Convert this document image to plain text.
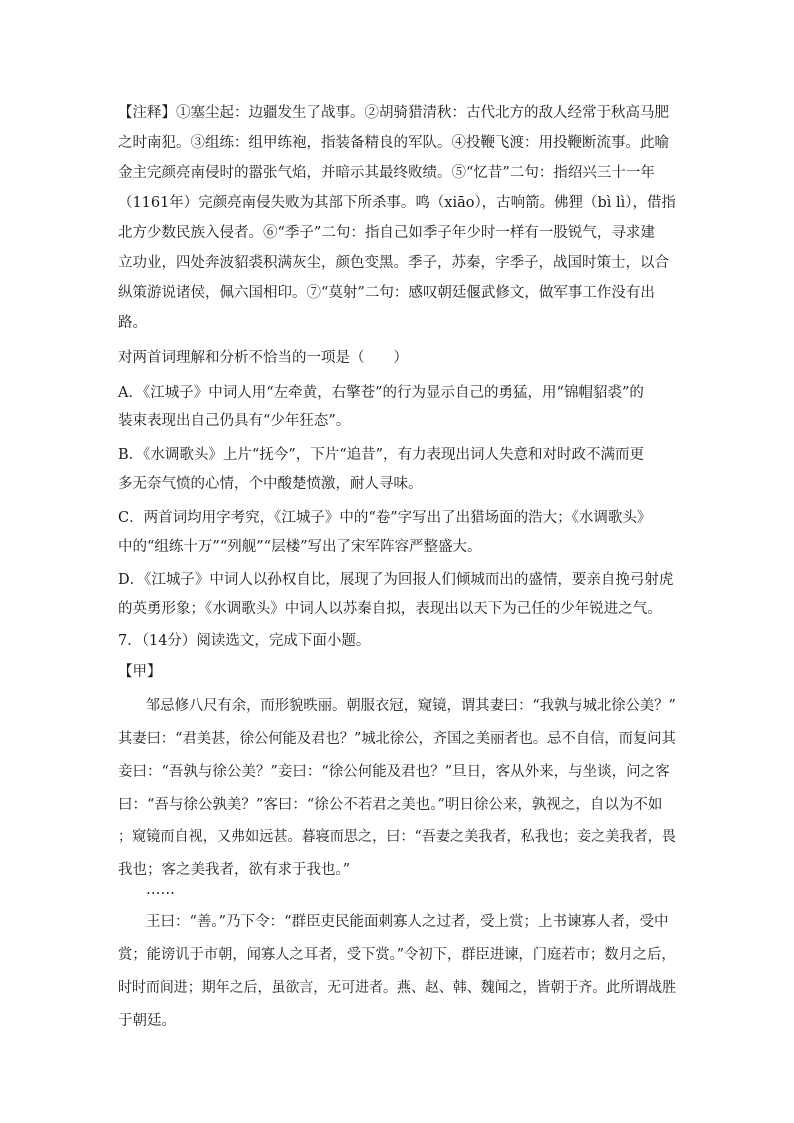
【注释】①塞尘起：边疆发生了战事。②胡骑猎清秋：古代北方的敌人经常于秋高马肥
之时南犯。③组练：组甲练袍，指装备精良的军队。④投鞭飞渡：用投鞭断流事。此喻
金主完颜亮南侵时的嚣张气焰，并暗示其最终败绩。⑤“忆昔”二句：指绍兴三十一年
（1161年）完颜亮南侵失败为其部下所杀事。鸣（xiāo），古响箭。佛狸（bì lì），借指
北方少数民族入侵者。⑥“季子”二句：指自己如季子年少时一样有一股锐气，寻求建
立功业，四处奔波貂裘积满灰尘，颜色变黑。季子，苏秦，字季子，战国时策士，以合
纵策游说诸侯，佩六国相印。⑦“莫射”二句：感叹朝廷偃武修文，做军事工作没有出
路。
对两首词理解和分析不恰当的一项是（　　）
A．《江城子》中词人用“左牵黄，右擎苍”的行为显示自己的勇猛，用“锦帽貂裘”的
装束表现出自己仍具有“少年狂态”。
B．《水调歌头》上片“抚今”，下片“追昔”，有力表现出词人失意和对时政不满而更
多无奈气愤的心情，个中酸楚愤激，耐人寻味。
C．两首词均用字考究，《江城子》中的“卷”字写出了出猎场面的浩大；《水调歌头》
中的“组练十万”“列舰”“层楼”写出了宋军阵容严整盛大。
D．《江城子》中词人以孙权自比，展现了为回报人们倾城而出的盛情，要亲自挽弓射虎
的英勇形象；《水调歌头》中词人以苏秦自拟，表现出以天下为己任的少年锐进之气。
7．（14分）阅读选文，完成下面小题。
【甲】
邹忌修八尺有余，而形貌昳丽。朝服衣冠，窥镜，谓其妻曰：“我孰与城北徐公美？”
其妻曰：“君美甚，徐公何能及君也？”城北徐公，齐国之美丽者也。忌不自信，而复问其
妾曰：“吾孰与徐公美？”妾曰：“徐公何能及君也？”旦日，客从外来，与坐谈，问之客
曰：“吾与徐公孰美？”客曰：“徐公不若君之美也。”明日徐公来，孰视之，自以为不如
；窥镜而自视，又弗如远甚。暮寝而思之，曰：“吾妻之美我者，私我也；妾之美我者，畏
我也；客之美我者，欲有求于我也。”
……
王曰：“善。”乃下令：“群臣吏民能面刺寡人之过者，受上赏；上书谏寡人者，受中
赏；能谤讥于市朝，闻寡人之耳者，受下赏。”令初下，群臣进谏，门庭若市；数月之后，
时时而间进；期年之后，虽欲言，无可进者。燕、赵、韩、魏闻之，皆朝于齐。此所谓战胜
于朝廷。
